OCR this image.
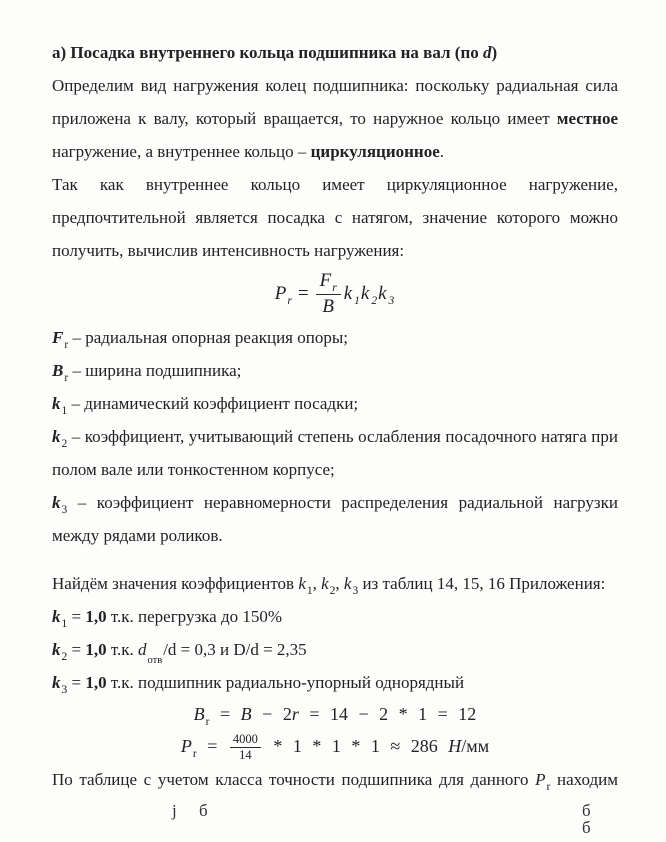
а) Посадка внутреннего кольца подшипника на вал (по d)
Определим вид нагружения колец подшипника: поскольку радиальная сила
приложена к валу, который вращается, то наружное кольцо имеет местное
нагружение, а внутреннее кольцо – циркуляционное.
Так как внутреннее кольцо имеет циркуляционное нагружение,
предпочтительной является посадка с натягом, значение которого можно
получить, вычислив интенсивность нагружения:
$P_r = \frac{F_r}{B}$ k $_1$ k $_2$ k $_3$
$F_r$ – радиальная опорная реакция опоры;
$B_r$ – ширина подшипника;
$k_1$ – динамический коэффициент посадки;
$k_2$ – коэффициент, учитывающий степень ослабления посадочного натяга при
полом вале или тонкостенном корпусе;
$k_3$ – коэффициент неравномерности распределения радиальной нагрузки
между рядами роликов.
Найдём значения коэффициентов $k_1$, $k_2$, $k_3$ из таблиц 14, 15, 16 Приложения:
$k_1 = 1,0$ т.к. перегрузка до 150%
$k_2 = 1,0$ т.к. $d_{отв}/d = 0,3$ и D/d = 2,35
$k_3 = 1,0$ т.к. подшипник радиально-упорный однорядный
$B_r = B - 2r = 14 - 2 * 1 = 12$
$P_r = \frac{4000}{14} * 1 * 1 * 1 \approx 286$ Н/мм
По таблице с учетом класса точности подшипника для данного $P_r$ находим
j б	б б
